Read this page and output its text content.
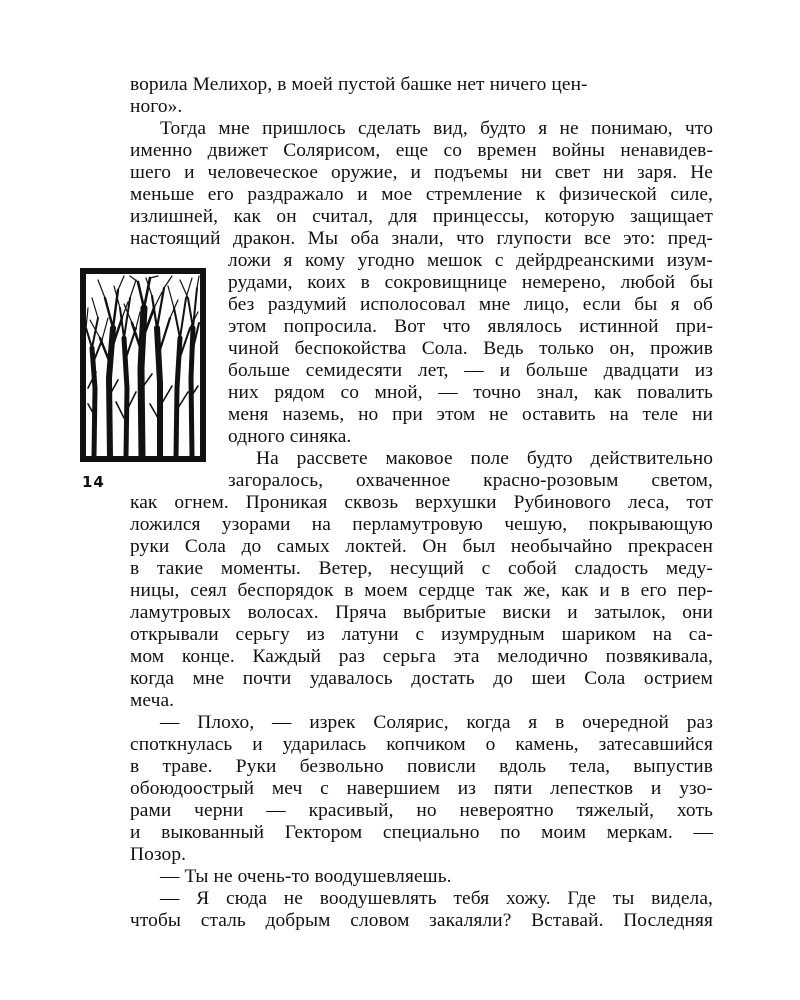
ворила Мелихор, в моей пустой башке нет ничего цен-
ного».
Тогда мне пришлось сделать вид, будто я не понимаю, что
именно движет Солярисом, еще со времен войны ненавидев-
шего и человеческое оружие, и подъемы ни свет ни заря. Не
меньше его раздражало и мое стремление к физической силе,
излишней, как он считал, для принцессы, которую защищает
настоящий дракон. Мы оба знали, что глупости все это: пред-
ложи я кому угодно мешок с дейрдреанскими изум-
рудами, коих в сокровищнице немерено, любой бы
без раздумий исполосовал мне лицо, если бы я об
этом попросила. Вот что являлось истинной при-
чиной беспокойства Сола. Ведь только он, прожив
больше семидесяти лет, — и больше двадцати из
них рядом со мной, — точно знал, как повалить
меня наземь, но при этом не оставить на теле ни
одного синяка.
На рассвете маковое поле будто действительно
загоралось, охваченное красно-розовым светом,
как огнем. Проникая сквозь верхушки Рубинового леса, тот
ложился узорами на перламутровую чешую, покрывающую
руки Сола до самых локтей. Он был необычайно прекрасен
в такие моменты. Ветер, несущий с собой сладость меду-
ницы, сеял беспорядок в моем сердце так же, как и в его пер-
ламутровых волосах. Пряча выбритые виски и затылок, они
открывали серьгу из латуни с изумрудным шариком на са-
мом конце. Каждый раз серьга эта мелодично позвякивала,
когда мне почти удавалось достать до шеи Сола острием
меча.
— Плохо, — изрек Солярис, когда я в очередной раз
споткнулась и ударилась копчиком о камень, затесавшийся
в траве. Руки безвольно повисли вдоль тела, выпустив
обоюдоострый меч с навершием из пяти лепестков и узо-
рами черни — красивый, но невероятно тяжелый, хоть
и выкованный Гектором специально по моим меркам. —
Позор.
— Ты не очень-то воодушевляешь.
— Я сюда не воодушевлять тебя хожу. Где ты видела,
чтобы сталь добрым словом закаляли? Вставай. Последняя
14
